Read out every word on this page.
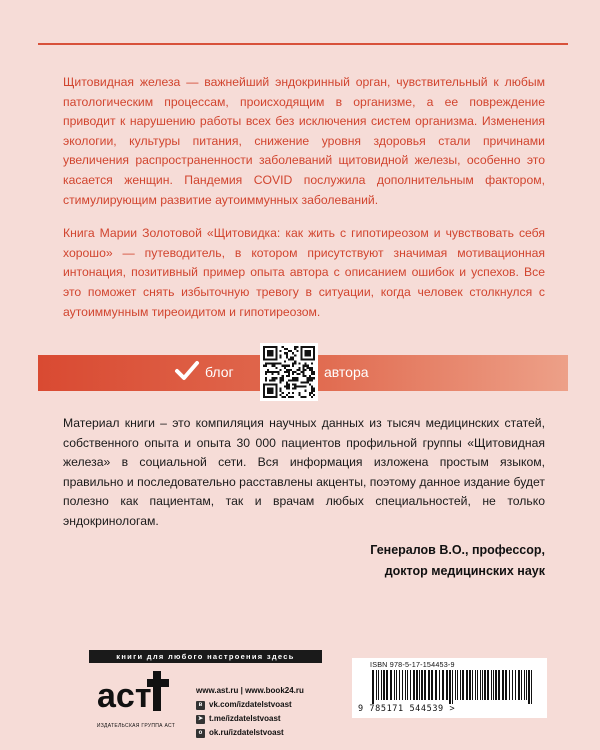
Щитовидная железа — важнейший эндокринный орган, чувствительный к любым патологическим процессам, происходящим в организме, а ее повреждение приводит к нарушению работы всех без исключения систем организма. Изменения экологии, культуры питания, снижение уровня здоровья стали причинами увеличения распространенности заболеваний щитовидной железы, особенно это касается женщин. Пандемия COVID послужила дополнительным фактором, стимулирующим развитие аутоиммунных заболеваний.

Книга Марии Золотовой «Щитовидка: как жить с гипотиреозом и чувствовать себя хорошо» — путеводитель, в котором присутствуют значимая мотивационная интонация, позитивный пример опыта автора с описанием ошибок и успехов. Все это поможет снять избыточную тревогу в ситуации, когда человек столкнулся с аутоиммунным тиреоидитом и гипотиреозом.

блог	автора
Материал книги – это компиляция научных данных из тысяч медицинских статей, собственного опыта и опыта 30 000 пациентов профильной группы «Щитовидная железа» в социальной сети. Вся информация изложена простым языком, правильно и последовательно расставлены акценты, поэтому данное издание будет полезно как пациентам, так и врачам любых специальностей, не только эндокринологам.
Генералов В.О., профессор,
доктор медицинских наук
книги для любого настроения здесь
аст
ИЗДАТЕЛЬСКАЯ ГРУППА АСТ
www.ast.ru | www.book24.ru
в vk.com/izdatelstvoast
➤ t.me/izdatelstvoast
о ok.ru/izdatelstvoast
ISBN 978-5-17-154453-9
9 785171 544539 >
